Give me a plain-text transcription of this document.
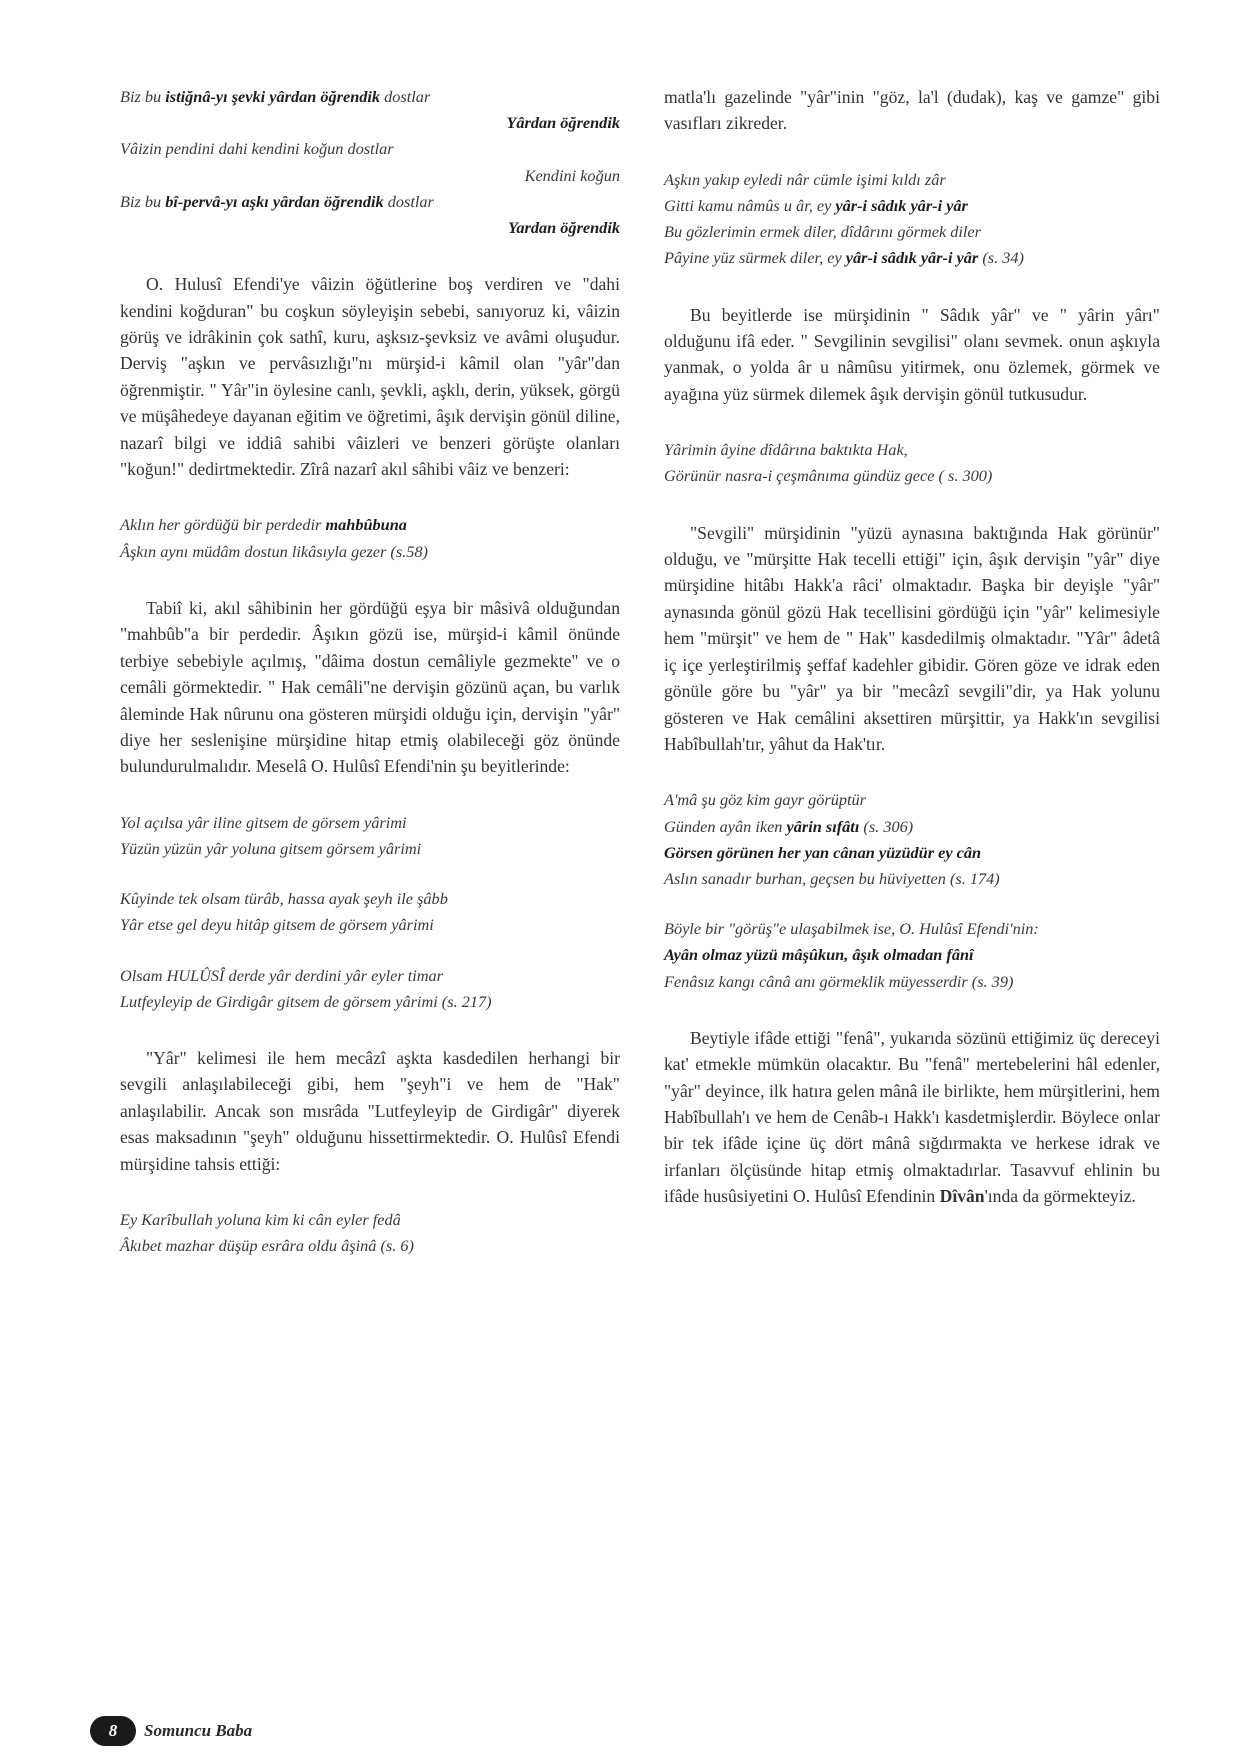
Biz bu istiğnâ-yı şevki yârdan öğrendik dostlar
Yârdan öğrendik
Vâizin pendini dahi kendini koğun dostlar
Kendini koğun
Biz bu bî-pervâ-yı aşkı yârdan öğrendik dostlar
Yardan öğrendik

O. Hulusî Efendi'ye vâizin öğütlerine boş verdiren ve "dahi kendini koğduran" bu coşkun söyleyişin sebebi, sanıyoruz ki, vâizin görüş ve idrâkinin çok sathî, kuru, aşksız-şevksiz ve avâmi oluşudur. Derviş "aşkın ve pervâsızlığı"nı mürşid-i kâmil olan "yâr"dan öğrenmiştir. " Yâr"in öylesine canlı, şevkli, aşklı, derin, yüksek, görgü ve müşâhedeye dayanan eğitim ve öğretimi, âşık dervişin gönül diline, nazarî bilgi ve iddiâ sahibi vâizleri ve benzeri görüşte olanları "koğun!" dedirtmektedir. Zîrâ nazarî akıl sâhibi vâiz ve benzeri:

Aklın her gördüğü bir perdedir mahbûbuna
Âşkın aynı müdâm dostun likâsıyla gezer (s.58)

Tabiî ki, akıl sâhibinin her gördüğü eşya bir mâsivâ olduğundan "mahbûb"a bir perdedir. Âşıkın gözü ise, mürşid-i kâmil önünde terbiye sebebiyle açılmış, "dâima dostun cemâliyle gezmekte" ve o cemâli görmektedir. " Hak cemâli"ne dervişin gözünü açan, bu varlık âleminde Hak nûrunu ona gösteren mürşidi olduğu için, dervişin "yâr" diye her seslenişine mürşidine hitap etmiş olabileceği göz önünde bulundurulmalıdır. Meselâ O. Hulûsî Efendi'nin şu beyitlerinde:

Yol açılsa yâr iline gitsem de görsem yârimi
Yüzün yüzün yâr yoluna gitsem görsem yârimi
Kûyinde tek olsam türâb, hassa ayak şeyh ile şâbb
Yâr etse gel deyu hitâp gitsem de görsem yârimi
Olsam HULÛSÎ derde yâr derdini yâr eyler timar
Lutfeyleyip de Girdigâr gitsem de görsem yârimi (s. 217)

"Yâr" kelimesi ile hem mecâzî aşkta kasdedilen herhangi bir sevgili anlaşılabileceği gibi, hem "şeyh"i ve hem de "Hak" anlaşılabilir. Ancak son mısrâda "Lutfeyleyip de Girdigâr" diyerek esas maksadının "şeyh" olduğunu hissettirmektedir. O. Hulûsî Efendi mürşidine tahsis ettiği:

Ey Karîbullah yoluna kim ki cân eyler fedâ
Âkıbet mazhar düşüp esrâra oldu âşinâ (s. 6)

matla'lı gazelinde "yâr"inin "göz, la'l (dudak), kaş ve gamze" gibi vasıfları zikreder.

Aşkın yakıp eyledi nâr cümle işimi kıldı zâr
Gitti kamu nâmûs u âr, ey yâr-i sâdık yâr-i yâr
Bu gözlerimin ermek diler, dîdârını görmek diler
Pâyine yüz sürmek diler, ey yâr-i sâdık yâr-i yâr (s. 34)

Bu beyitlerde ise mürşidinin " Sâdık yâr" ve " yârin yârı" olduğunu ifâ eder. " Sevgilinin sevgilisi" olanı sevmek. onun aşkıyla yanmak, o yolda âr u nâmûsu yitirmek, onu özlemek, görmek ve ayağına yüz sürmek dilemek âşık dervişin gönül tutkusudur.

Yârimin âyine dîdârına baktıkta Hak,
Görünür nasra-i çeşmânıma gündüz gece ( s. 300)

"Sevgili" mürşidinin "yüzü aynasına baktığında Hak görünür" olduğu, ve "mürşitte Hak tecelli ettiği" için, âşık dervişin "yâr" diye mürşidine hitâbı Hakk'a râci' olmaktadır. Başka bir deyişle "yâr" aynasında gönül gözü Hak tecellisini gördüğü için "yâr" kelimesiyle hem "mürşit" ve hem de " Hak" kasdedilmiş olmaktadır. "Yâr" âdetâ iç içe yerleştirilmiş şeffaf kadehler gibidir. Gören göze ve idrak eden gönüle göre bu "yâr" ya bir "mecâzî sevgili"dir, ya Hak yolunu gösteren ve Hak cemâlini aksettiren mürşittir, ya Hakk'ın sevgilisi Habîbullah'tır, yâhut da Hak'tır.

A'mâ şu göz kim gayr görüptür
Günden ayân iken yârin sıfâtı (s. 306)
Görsen görünen her yan cânan yüzüdür ey cân
Aslın sanadır burhan, geçsen bu hüviyetten (s. 174)
Böyle bir "görüş"e ulaşabilmek ise, O. Hulûsî Efendi'nin:
Ayân olmaz yüzü mâşûkun, âşık olmadan fânî
Fenâsız kangı cânâ anı görmeklik müyesserdir (s. 39)

Beytiyle ifâde ettiği "fenâ", yukarıda sözünü ettiğimiz üç dereceyi kat' etmekle mümkün olacaktır. Bu "fenâ" mertebelerini hâl edenler, "yâr" deyince, ilk hatıra gelen mânâ ile birlikte, hem mürşitlerini, hem Habîbullah'ı ve hem de Cenâb-ı Hakk'ı kasdetmişlerdir. Böylece onlar bir tek ifâde içine üç dört mânâ sığdırmakta ve herkese idrak ve irfanları ölçüsünde hitap etmiş olmaktadırlar. Tasavvuf ehlinin bu ifâde husûsiyetini O. Hulûsî Efendinin Dîvân'ında da görmekteyiz.

8	Somuncu Baba
